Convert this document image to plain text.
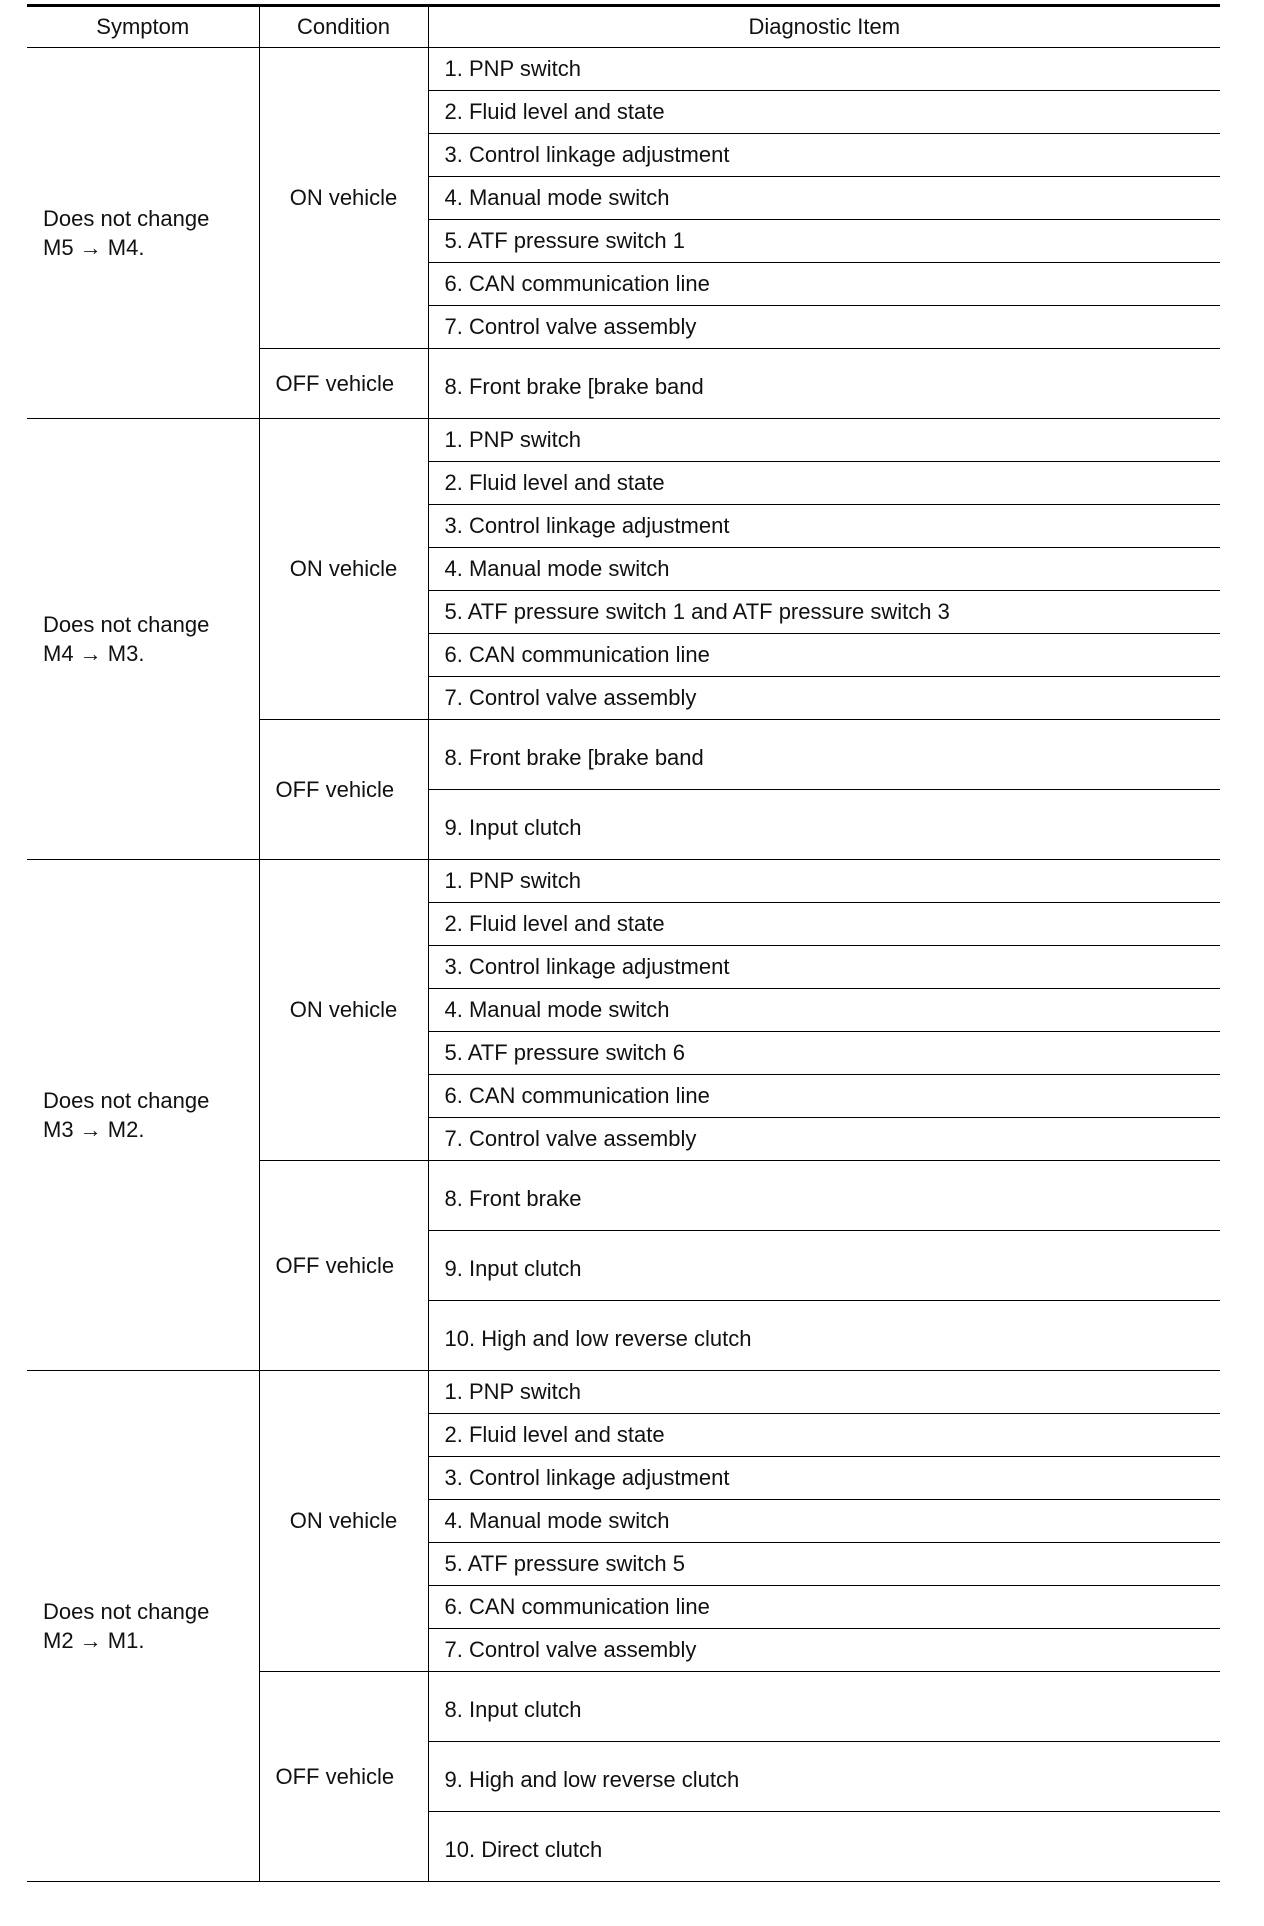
Symptom	Condition	Diagnostic Item

Does not change
M5 → M4.	ON vehicle	1. PNP switch
		2. Fluid level and state
		3. Control linkage adjustment
		4. Manual mode switch
		5. ATF pressure switch 1
		6. CAN communication line
		7. Control valve assembly
	OFF vehicle	8. Front brake [brake band

Does not change
M4 → M3.	ON vehicle	1. PNP switch
		2. Fluid level and state
		3. Control linkage adjustment
		4. Manual mode switch
		5. ATF pressure switch 1 and ATF pressure switch 3
		6. CAN communication line
		7. Control valve assembly
	OFF vehicle	8. Front brake [brake band
		9. Input clutch

Does not change
M3 → M2.	ON vehicle	1. PNP switch
		2. Fluid level and state
		3. Control linkage adjustment
		4. Manual mode switch
		5. ATF pressure switch 6
		6. CAN communication line
		7. Control valve assembly
	OFF vehicle	8. Front brake
		9. Input clutch
		10. High and low reverse clutch

Does not change
M2 → M1.	ON vehicle	1. PNP switch
		2. Fluid level and state
		3. Control linkage adjustment
		4. Manual mode switch
		5. ATF pressure switch 5
		6. CAN communication line
		7. Control valve assembly
	OFF vehicle	8. Input clutch
		9. High and low reverse clutch
		10. Direct clutch
